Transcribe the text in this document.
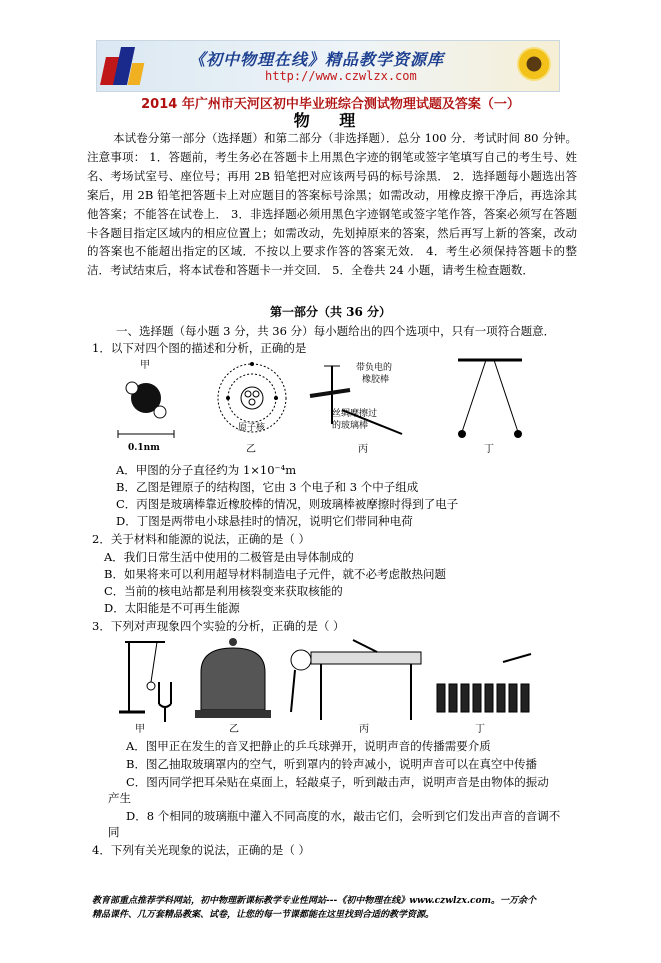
《初中物理在线》精品教学资源库
http://www.czwlzx.com
2014 年广州市天河区初中毕业班综合测试物理试题及答案（一）
物 理
本试卷分第一部分（选择题）和第二部分（非选择题）．总分 100 分．考试时间 80 分钟。注意事项： 1．答题前，考生务必在答题卡上用黑色字迹的钢笔或签字笔填写自己的考生号、姓名、考场试室号、座位号；再用 2B 铅笔把对应该两号码的标号涂黑． 2．选择题每小题选出答案后，用 2B 铅笔把答题卡上对应题目的答案标号涂黑；如需改动，用橡皮擦干净后，再选涂其他答案；不能答在试卷上． 3．非选择题必须用黑色字迹钢笔或签字笔作答，答案必须写在答题卡各题目指定区域内的相应位置上；如需改动，先划掉原来的答案，然后再写上新的答案，改动的答案也不能超出指定的区域．不按以上要求作答的答案无效． 4．考生必须保持答题卡的整洁．考试结束后，将本试卷和答题卡一并交回． 5．全卷共 24 小题，请考生检查题数．
第一部分（共 36 分）
一、选择题（每小题 3 分，共 36 分）每小题给出的四个选项中，只有一项符合题意．
1．以下对四个图的描述和分析，正确的是
甲
0.1nm
原子核
乙
带负电的
橡胶棒
丝绸摩擦过
的玻璃棒
丙	丁
A．甲图的分子直径约为 1×10⁻⁴m
B．乙图是锂原子的结构图，它由 3 个电子和 3 个中子组成
C．丙图是玻璃棒靠近橡胶棒的情况，则玻璃棒被摩擦时得到了电子
D．丁图是两带电小球悬挂时的情况，说明它们带同种电荷
2．关于材料和能源的说法，正确的是（ ）
A．我们日常生活中使用的二极管是由导体制成的
B．如果将来可以利用超导材料制造电子元件，就不必考虑散热问题
C．当前的核电站都是利用核裂变来获取核能的
D．太阳能是不可再生能源
3．下列对声现象四个实验的分析，正确的是（ ）
甲	乙	丙	丁
A．图甲正在发生的音叉把静止的乒乓球弹开，说明声音的传播需要介质
B．图乙抽取玻璃罩内的空气，听到罩内的铃声减小，说明声音可以在真空中传播
C．图丙同学把耳朵贴在桌面上，轻敲桌子，听到敲击声，说明声音是由物体的振动
产生
D．8 个相同的玻璃瓶中灌入不同高度的水，敲击它们，会听到它们发出声音的音调不
同
4．下列有关光现象的说法，正确的是（ ）
教育部重点推荐学科网站，初中物理新课标教学专业性网站---《初中物理在线》www.czwlzx.com。一万余个
精品课件、几万套精品教案、试卷，让您的每一节课都能在这里找到合适的教学资源。
